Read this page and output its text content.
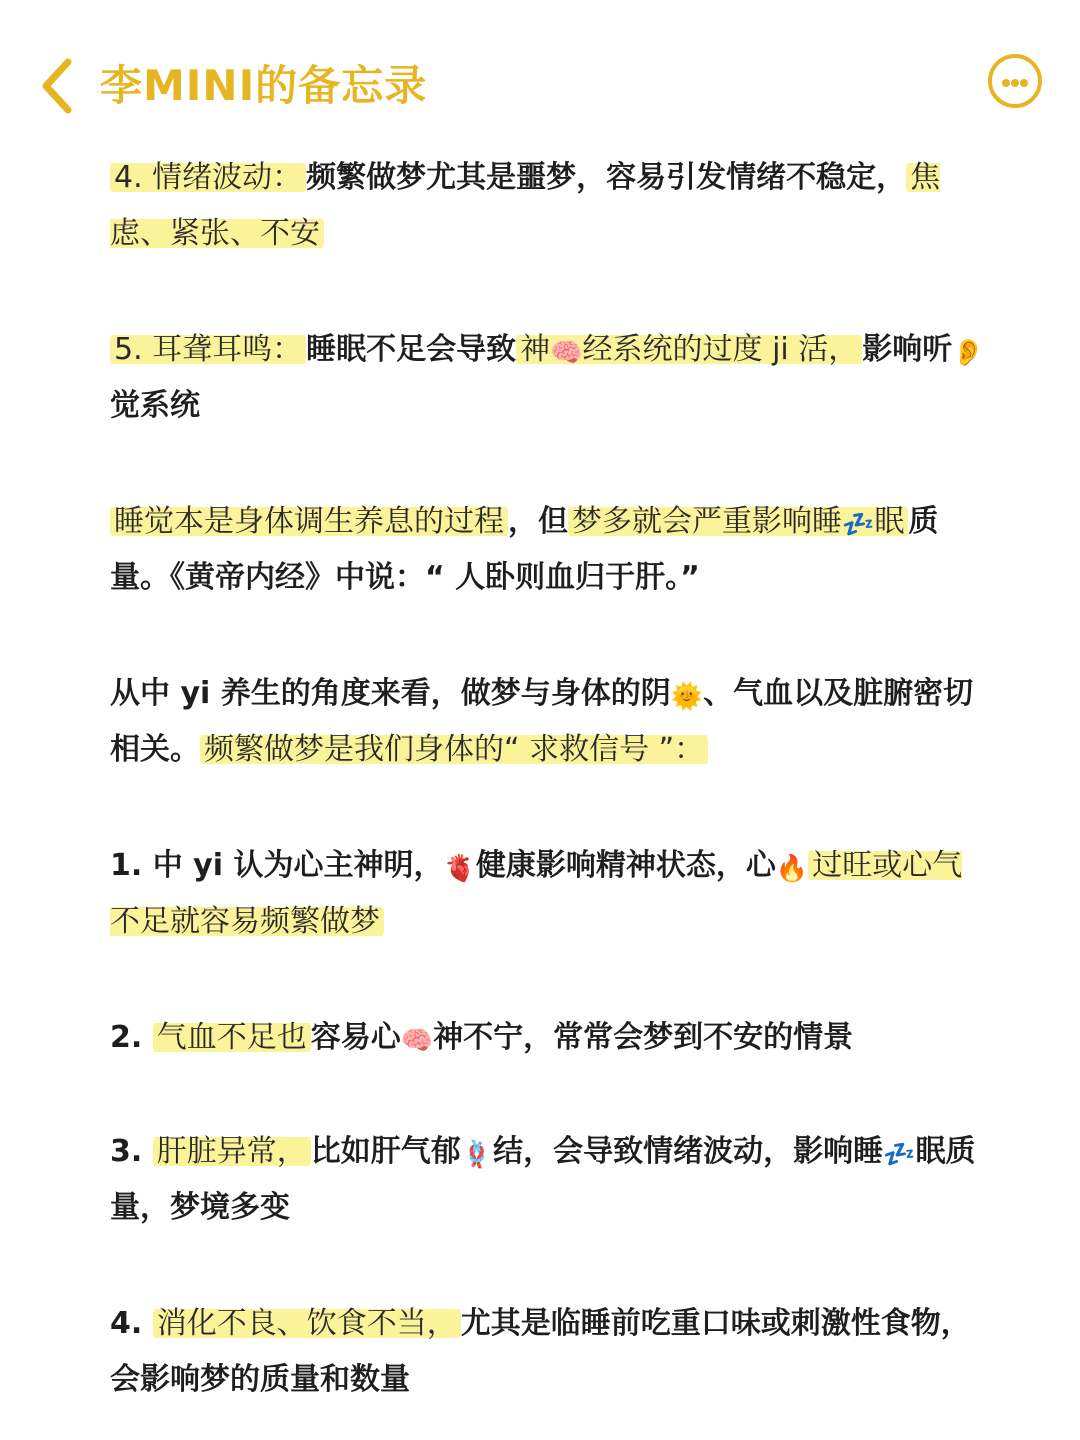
李MINI的备忘录

4. 情绪波动： 频繁做梦尤其是噩梦，容易引发情绪不稳定， 焦虑、紧张、不安

5. 耳聋耳鸣： 睡眠不足会导致 神🧠经系统的过度 ji 活， 影响听👂觉系统

睡觉本是身体调生养息的过程 ，但 梦多就会严重影响睡💤眠 质量。《黄帝内经》中说：“ 人卧则血归于肝。”

从中 yi 养生的角度来看，做梦与身体的阴🌞、气血以及脏腑密切相关。 频繁做梦是我们身体的“ 求救信号 ”：

1. 中 yi 认为心主神明，🫀健康影响精神状态，心🔥 过旺或心气不足就容易频繁做梦

2. 气血不足也 容易心🧠神不宁，常常会梦到不安的情景

3. 肝脏异常， 比如肝气郁🪢结，会导致情绪波动，影响睡💤眠质量，梦境多变

4. 消化不良、饮食不当， 尤其是临睡前吃重口味或刺激性食物，会影响梦的质量和数量
